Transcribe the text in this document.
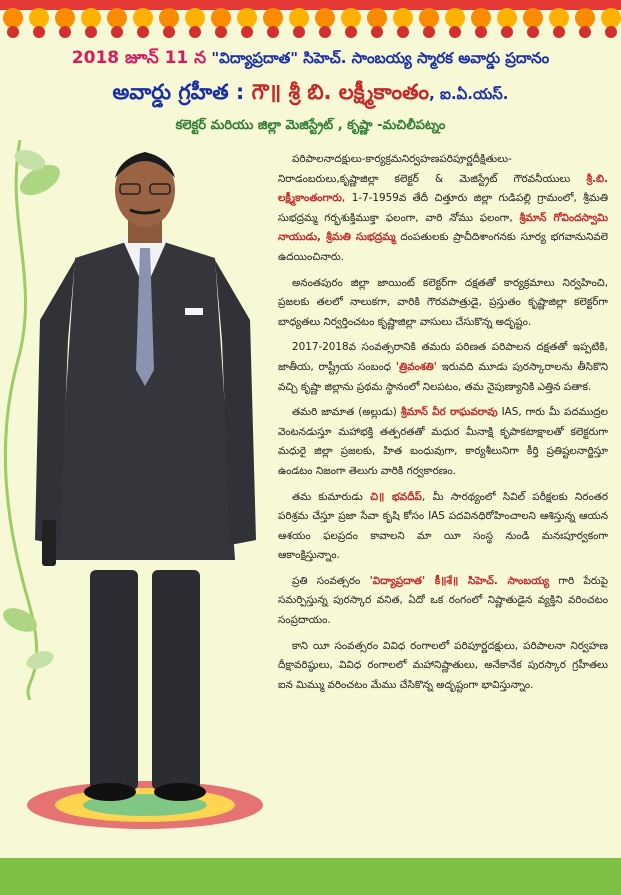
2018 జూన్ 11 న "విద్యాప్రదాత" సిహెచ్. సాంబయ్య స్మారక అవార్డు ప్రదానం
అవార్డు గ్రహీత : గౌ॥ శ్రీ బి. లక్ష్మీకాంతం, ఐ.ఏ.యస్.
కలెక్టర్ మరియు జిల్లా మెజిస్ట్రేట్ , కృష్ణా -మచిలీపట్నం

పరిపాలనాదక్షులు-కార్యక్రమనిర్వహణపరిపూర్ణదీక్షితులు-నిరాడంబరులు,కృష్ణాజిల్లా కలెక్టర్ & మెజిస్ట్రేట్ గౌరవనీయులు శ్రీ.బి. లక్ష్మీకాంతంగారు, 1-7-1959వ తేదీ చిత్తూరు జిల్లా గుడిపల్లి గ్రామంలో, శ్రీమతి సుభద్రమ్మ గర్భశుక్తిముక్తా ఫలంగా, వారి నోము ఫలంగా, శ్రీమాన్ గోవిందస్వామి నాయుడు, శ్రీమతి సుభద్రమ్మ దంపతులకు ప్రాచీదిశాంగనకు సూర్య భగవానునివలె ఉదయించినారు.

అనంతపురం జిల్లా జాయింట్ కలెక్టర్‌గా దక్షతతో కార్యక్రమాలు నిర్వహించి, ప్రజలకు తలలో నాలుకగా, వారికి గౌరవపాత్రుడై, ప్రస్తుతం కృష్ణాజిల్లా కలెక్టర్‌గా బాధ్యతలు నిర్వర్తించటం కృష్ణాజిల్లా వాసులు చేసుకొన్న అదృష్టం.

2017-2018వ సంవత్సరానికి తమరు పరిణత పరిపాలన దక్షతతో ఇప్పటికి, జాతీయ, రాష్ట్రీయ సంబంధ 'త్రివంశతి' ఇరువది మూడు పురస్కారాలను తీసికొని వచ్చి కృష్ణా జిల్లాను ప్రథమ స్థానంలో నిలపటం, తమ నైపుణ్యానికి ఎత్తిన పతాక.

తమరి జామాత (అల్లుడు) శ్రీమాన్ వీర రాఘవరావు IAS, గారు మీ పదముద్రల వెంటనడుస్తూ మహాభక్తి తత్పరతతో మధుర మీనాక్షి కృపాకటాక్షాలతో కలెక్టరుగా మధురై జిల్లా ప్రజలకు, హిత బంధువుగా, కార్యశీలునిగా కీర్తి ప్రతిష్టలనార్జిస్తూ ఉండటం నిజంగా తెలుగు వారికి గర్వకారణం.

తమ కుమారుడు చి॥ భవదీప్, మీ సారథ్యంలో సివిల్ పరీక్షలకు నిరంతర పరిశ్రమ చేస్తూ ప్రజా సేవా కృషి కోసం IAS పదవినధిరోహించాలని ఆశిస్తున్న ఆయన ఆశయం ఫలప్రదం కావాలని మా యీ సంస్థ నుండి మనఃపూర్వకంగా ఆకాంక్షిస్తున్నాం.

ప్రతి సంవత్సరం 'విద్యాప్రదాత' కీ॥శే॥ సిహెచ్. సాంబయ్య గారి పేరుపై సమర్పిస్తున్న పురస్కార వనిత, ఏదో ఒక రంగంలో నిష్ణాతుడైన వ్యక్తిని వరించటం సంప్రదాయం.

కాని యీ సంవత్సరం వివిధ రంగాలలో పరిపూర్ణదక్షులు, పరిపాలనా నిర్వహణ దీక్షావరిష్ఠులు, వివిధ రంగాలలో మహానిష్ణాతులు, అనేకానేక పురస్కార గ్రహీతలు ఐన మిమ్ము వరించటం మేము చేసికొన్న అదృష్టంగా భావిస్తున్నాం.
